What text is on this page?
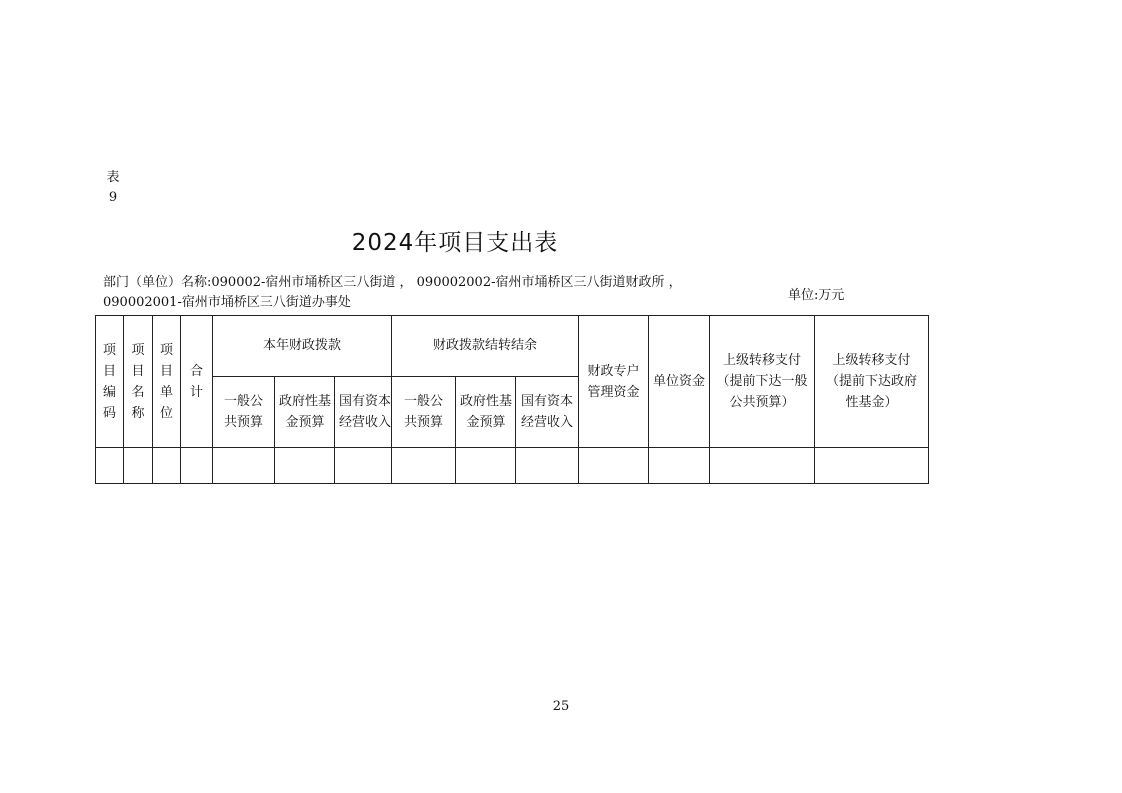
表
9
2024年项目支出表
部门（单位）名称:090002-宿州市埇桥区三八街道 ， 090002002-宿州市埇桥区三八街道财政所 ， 090002001-宿州市埇桥区三八街道办事处	单位:万元
项目编码	项目名称	项目单位	合计	本年财政拨款			财政拨款结转结余			财政专户管理资金	单位资金	上级转移支付（提前下达一般公共预算）	上级转移支付（提前下达政府性基金）
				一般公共预算	政府性基金预算	国有资本经营收入	一般公共预算	政府性基金预算	国有资本经营收入				

25
